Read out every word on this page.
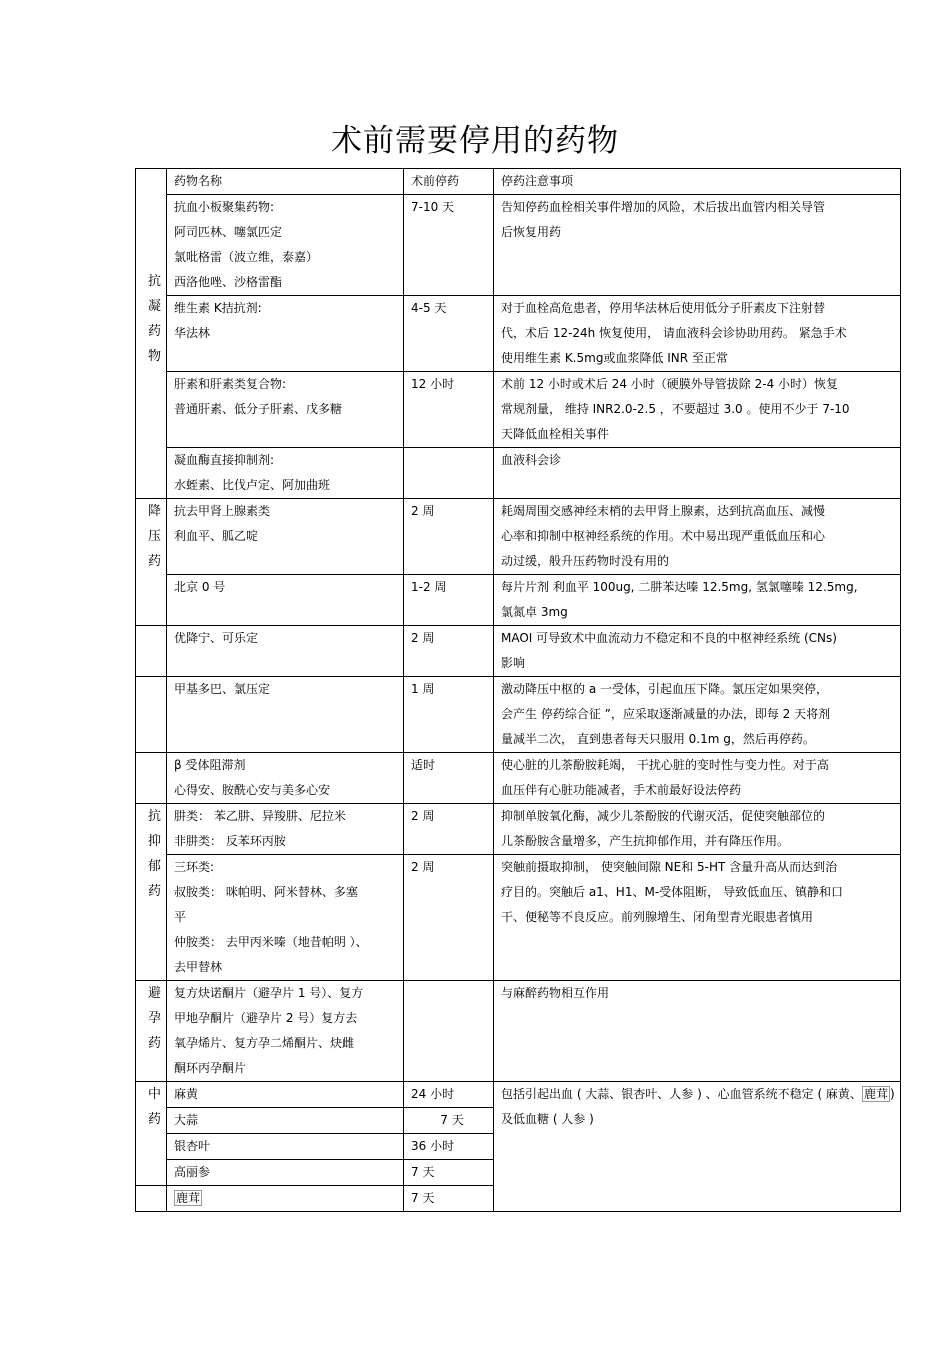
术前需要停用的药物
抗凝药物	药物名称	术前停药	停药注意事项

	抗血小板聚集药物:
阿司匹林、噻氯匹定
氯吡格雷（波立维，泰嘉）
西洛他唑、沙格雷酯	7-10 天	告知停药血栓相关事件增加的风险，术后拔出血管内相关导管
后恢复用药

	维生素 K拮抗剂:
华法林	4-5 天	对于血栓高危患者，停用华法林后使用低分子肝素皮下注射替
代，术后 12-24h 恢复使用， 请血液科会诊协助用药。 紧急手术
使用维生素 K.5mg或血浆降低 INR 至正常

	肝素和肝素类复合物:
普通肝素、低分子肝素、戊多糖	12 小时	术前 12 小时或术后 24 小时（硬膜外导管拔除 2-4 小时）恢复
常规剂量， 维持 INR2.0-2.5 ，不要超过 3.0 。使用不少于 7-10
天降低血栓相关事件

	凝血酶直接抑制剂:
水蛭素、比伐卢定、阿加曲班		血液科会诊

降压药	抗去甲肾上腺素类
利血平、胍乙啶	2 周	耗竭周围交感神经末梢的去甲肾上腺素，达到抗高血压、减慢
心率和抑制中枢神经系统的作用。术中易出现严重低血压和心
动过缓，般升压药物时没有用的

	北京 0 号	1-2 周	每片片剂 利血平 100ug, 二肼苯达嗪 12.5mg, 氢氯噻嗪 12.5mg,
氯氮卓 3mg

	优降宁、可乐定	2 周	MAOI 可导致术中血流动力不稳定和不良的中枢神经系统 (CNs)
影响

	甲基多巴、氯压定	1 周	激动降压中枢的 a 一受体，引起血压下降。氯压定如果突停，
会产生 停药综合征 ”，应采取逐渐减量的办法，即每 2 天将剂
量减半二次， 直到患者每天只服用 0.1m g，然后再停药。

	β 受体阻滞剂
心得安、胺酰心安与美多心安	适时	使心脏的儿茶酚胺耗竭， 干扰心脏的变时性与变力性。对于高
血压伴有心脏功能减者，手术前最好设法停药

抗抑郁药	肼类： 苯乙肼、异羧肼、尼拉米
非肼类： 反苯环丙胺	2 周	抑制单胺氧化酶，减少儿茶酚胺的代谢灭活，促使突触部位的
儿茶酚胺含量增多，产生抗抑郁作用，并有降压作用。

	三环类:
叔胺类： 咪帕明、阿米替林、多塞
平
仲胺类： 去甲丙米嗪（地昔帕明 ）、
去甲替林	2 周	突触前摄取抑制， 使突触间隙 NE和 5-HT 含量升高从而达到治
疗目的。突触后 a1、H1、M-受体阻断， 导致低血压、镇静和口
干、便秘等不良反应。前列腺增生、闭角型青光眼患者慎用

避孕药	复方炔诺酮片（避孕片 1 号）、复方
甲地孕酮片（避孕片 2 号）复方去
氧孕烯片、复方孕二烯酮片、炔雌
酮环丙孕酮片		与麻醉药物相互作用

中药	麻黄	24 小时	包括引起出血 ( 大蒜、银杏叶、人参 ) 、心血管系统不稳定 ( 麻黄、 鹿茸 ) 及低血糖 ( 人参 )

	大蒜	7 天	

	银杏叶	36 小时	

	高丽参	7 天	
	鹿茸	7 天	
